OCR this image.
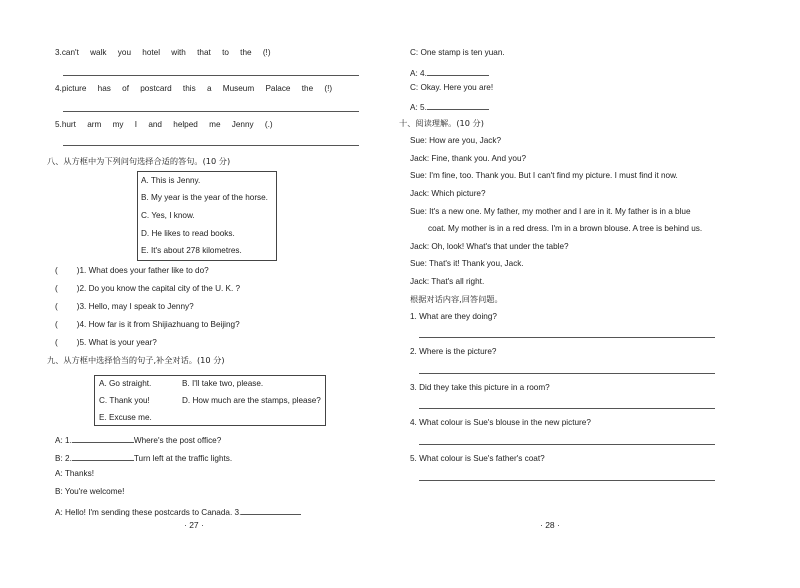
3.can't walk you hotel with that to the (!)
4.picture has of postcard this a Museum Palace the (!)
5.hurt arm my I and helped me Jenny (.)
八、从方框中为下列问句选择合适的答句。(10 分)
A. This is Jenny.
B. My year is the year of the horse.
C. Yes, I know.
D. He likes to read books.
E. It's about 278 kilometres.
( )1. What does your father like to do?
( )2. Do you know the capital city of the U. K. ?
( )3. Hello, may I speak to Jenny?
( )4. How far is it from Shijiazhuang to Beijing?
( )5. What is your year?
九、从方框中选择恰当的句子,补全对话。(10 分)
A. Go straight.	B. I'll take two, please.
C. Thank you!	D. How much are the stamps, please?
E. Excuse me.
A: 1.	Where's the post office?
B: 2.	Turn left at the traffic lights.
A: Thanks!
B: You're welcome!
A: Hello! I'm sending these postcards to Canada. 3.
· 27 ·
C: One stamp is ten yuan.
A: 4.
C: Okay. Here you are!
A: 5.
十、阅读理解。(10 分)
Sue: How are you, Jack?
Jack: Fine, thank you. And you?
Sue: I'm fine, too. Thank you. But I can't find my picture. I must find it now.
Jack: Which picture?
Sue: It's a new one. My father, my mother and I are in it. My father is in a blue
coat. My mother is in a red dress. I'm in a brown blouse. A tree is behind us.
Jack: Oh, look! What's that under the table?
Sue: That's it! Thank you, Jack.
Jack: That's all right.
根据对话内容,回答问题。
1. What are they doing?
2. Where is the picture?
3. Did they take this picture in a room?
4. What colour is Sue's blouse in the new picture?
5. What colour is Sue's father's coat?
· 28 ·
